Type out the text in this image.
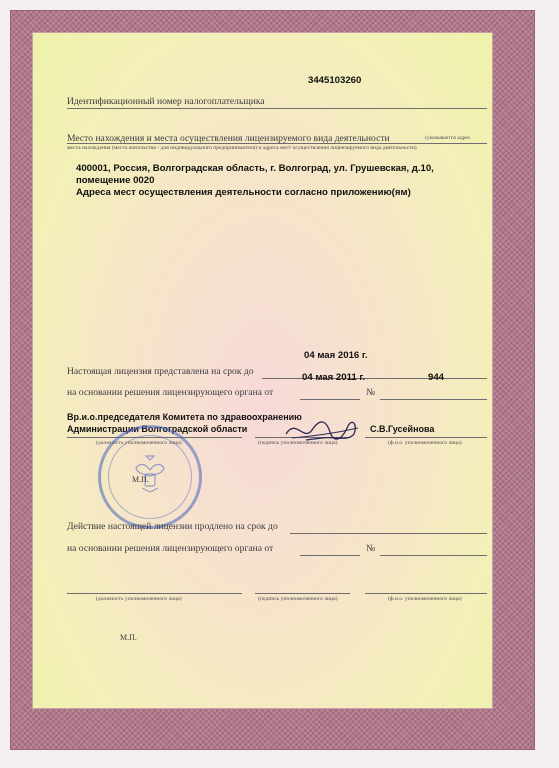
3445103260
Идентификационный номер налогоплательщика
Место нахождения и места осуществления лицензируемого вида деятельности	(указывается адрес
места нахождения (места жительства - для индивидуального предпринимателя) и адреса мест осуществления лицензируемого вида деятельности)
400001, Россия, Волгоградская область, г. Волгоград, ул. Грушевская, д.10,
помещение 0020
Адреса мест осуществления деятельности согласно приложению(ям)
04 мая 2016 г.
Настоящая лицензия представлена на срок до
04 мая 2011 г.
на основании решения лицензирующего органа от	№
944
Вр.и.о.председателя Комитета по здравоохранению
Администрации Волгоградской области	С.В.Гусейнова
(должность уполномоченного лица)	(подпись уполномоченного лица)	(ф.и.о. уполномоченного лица)
М.П.
Действие настоящей лицензии продлено на срок до
на основании решения лицензирующего органа от	№
(должность уполномоченного лица)	(подпись уполномоченного лица)	(ф.и.о. уполномоченного лица)
М.П.
